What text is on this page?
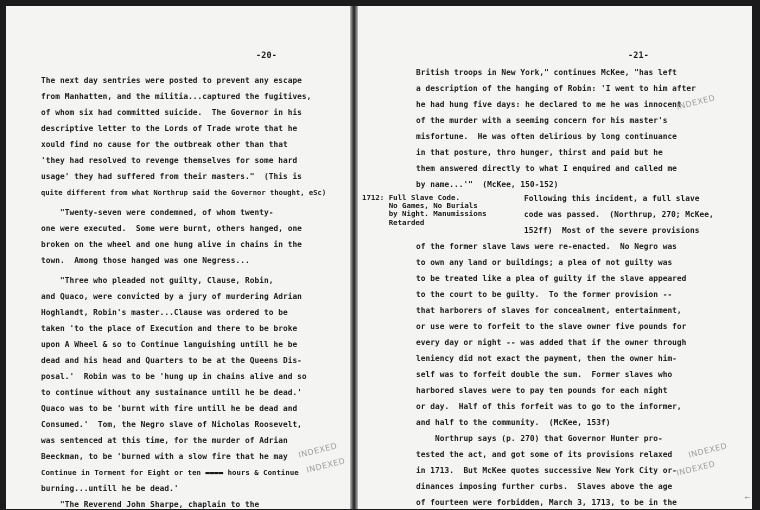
-20-
The next day sentries were posted to prevent any escape
from Manhatten, and the militia...captured the fugitives,
of whom six had committed suicide.  The Governor in his
descriptive letter to the Lords of Trade wrote that he
xould find no cause for the outbreak other than that
'they had resolved to revenge themselves for some hard
usage' they had suffered from their masters."  (This is
quite different from what Northrup said the Governor thought, eSc)
"Twenty-seven were condemned, of whom twenty-
one were executed.  Some were burnt, others hanged, one
broken on the wheel and one hung alive in chains in the
town.  Among those hanged was one Negress...
"Three who pleaded not guilty, Clause, Robin,
and Quaco, were convicted by a jury of murdering Adrian
Hoghlandt, Robin's master...Clause was ordered to be
taken 'to the place of Execution and there to be broke
upon A Wheel & so to Continue languishing untill he be
dead and his head and Quarters to be at the Queens Dis-
posal.'  Robin was to be 'hung up in chains alive and so
to continue without any sustainance untill he be dead.'
Quaco was to be 'burnt with fire untill he be dead and
Consumed.'  Tom, the Negro slave of Nicholas Roosevelt,
was sentenced at this time, for the murder of Adrian
Beeckman, to be 'burned with a slow fire that he may
Continue in Torment for Eight or ten ▬▬▬▬ hours & Continue
burning...untill he be dead.'
"The Reverend John Sharpe, chaplain to the
INDEXED
INDEXED
-21-
British troops in New York," continues McKee, "has left
a description of the hanging of Robin: 'I went to him after
he had hung five days: he declared to me he was innocent
of the murder with a seeming concern for his master's
misfortune.  He was often delirious by long continuance
in that posture, thro hunger, thirst and paid but he
them answered directly to what I enquired and called me
by name...'"  (McKee, 150-152)
1712: Full Slave Code.
No Games, No Burials
by Night. Manumissions
Retarded
Following this incident, a full slave
code was passed.  (Northrup, 270; McKee,
152ff)  Most of the severe provisions
of the former slave laws were re-enacted.  No Negro was
to own any land or buildings; a plea of not guilty was
to be treated like a plea of guilty if the slave appeared
to the court to be guilty.  To the former provision --
that harborers of slaves for concealment, entertainment,
or use were to forfeit to the slave owner five pounds for
every day or night -- was added that if the owner through
leniency did not exact the payment, then the owner him-
self was to forfeit double the sum.  Former slaves who
harbored slaves were to pay ten pounds for each night
or day.  Half of this forfeit was to go to the informer,
and half to the community.  (McKee, 153f)
Northrup says (p. 270) that Governor Hunter pro-
tested the act, and got some of its provisions relaxed
in 1713.  But McKee quotes successive New York City or-
dinances imposing further curbs.  Slaves above the age
of fourteen were forbidden, March 3, 1713, to be in the
INDEXED
INDEXED
INDEXED
←
